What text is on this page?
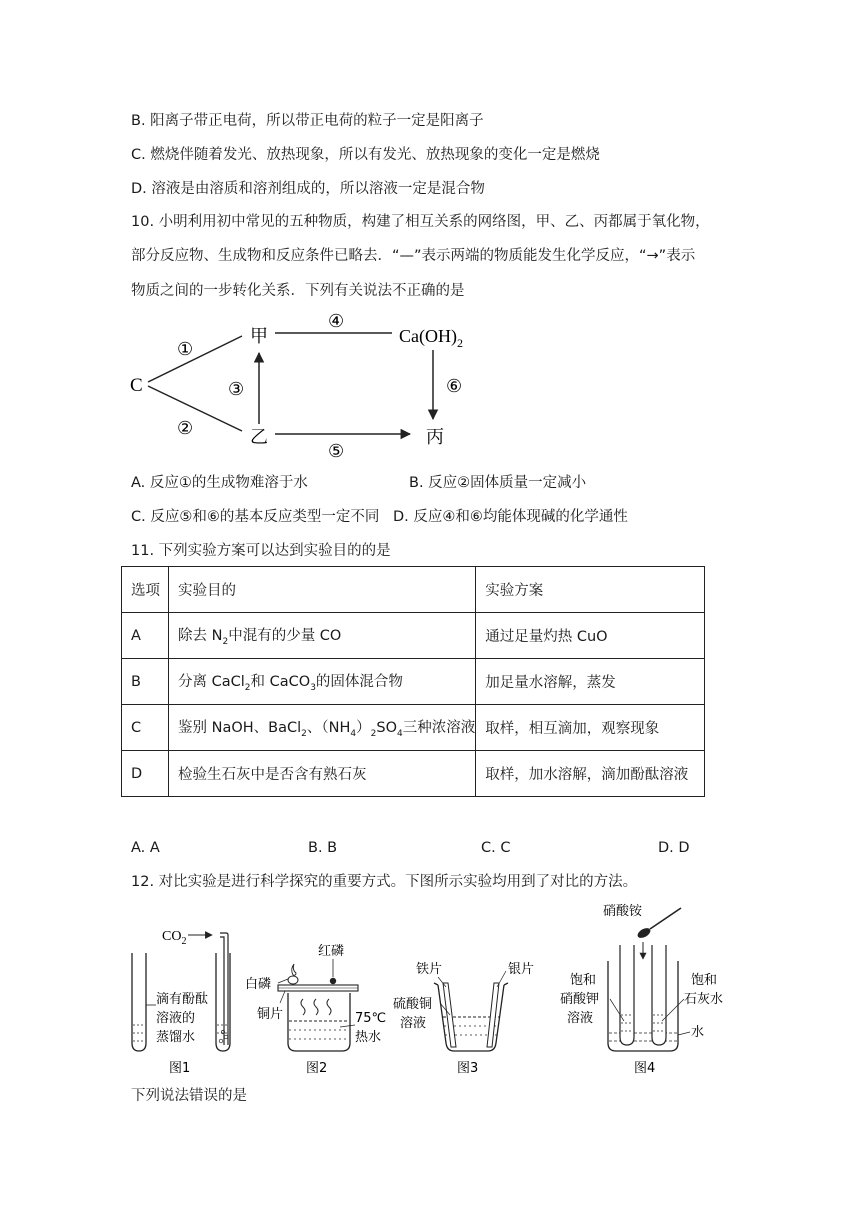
B. 阳离子带正电荷，所以带正电荷的粒子一定是阳离子
C. 燃烧伴随着发光、放热现象，所以有发光、放热现象的变化一定是燃烧
D. 溶液是由溶质和溶剂组成的，所以溶液一定是混合物
10. 小明利用初中常见的五种物质，构建了相互关系的网络图，甲、乙、丙都属于氧化物，
部分反应物、生成物和反应条件已略去．“—”表示两端的物质能发生化学反应，“→”表示
物质之间的一步转化关系．下列有关说法不正确的是
C
甲
乙	丙
$Ca(OH)_2$
①
②
③
④
⑤
⑥
A. 反应①的生成物难溶于水	B. 反应②固体质量一定减小
C. 反应⑤和⑥的基本反应类型一定不同 D. 反应④和⑥均能体现碱的化学通性
11. 下列实验方案可以达到实验目的的是
选项	实验目的	实验方案
A	除去 $N_2$中混有的少量 CO	通过足量灼热 CuO
B	分离 CaCl$_2$和 CaCO$_3$的固体混合物	加足量水溶解，蒸发
C	鉴别 NaOH、BaCl$_2$、$(NH_4)_2SO_4$三种浓溶液	取样，相互滴加，观察现象
D	检验生石灰中是否含有熟石灰	取样，加水溶解，滴加酚酞溶液
A. A	B. B	C. C	D. D
12. 对比实验是进行科学探究的重要方式。下图所示实验均用到了对比的方法。
$CO_2$
滴有酚酞
溶液的
蒸馏水
图1
白磷
红磷
铜片	75℃
热水
图2
铁片	银片
硫酸铜
溶液
图3
硝酸铵
饱和
硝酸钾
溶液
饱和
石灰水
水
图4
下列说法错误的是
